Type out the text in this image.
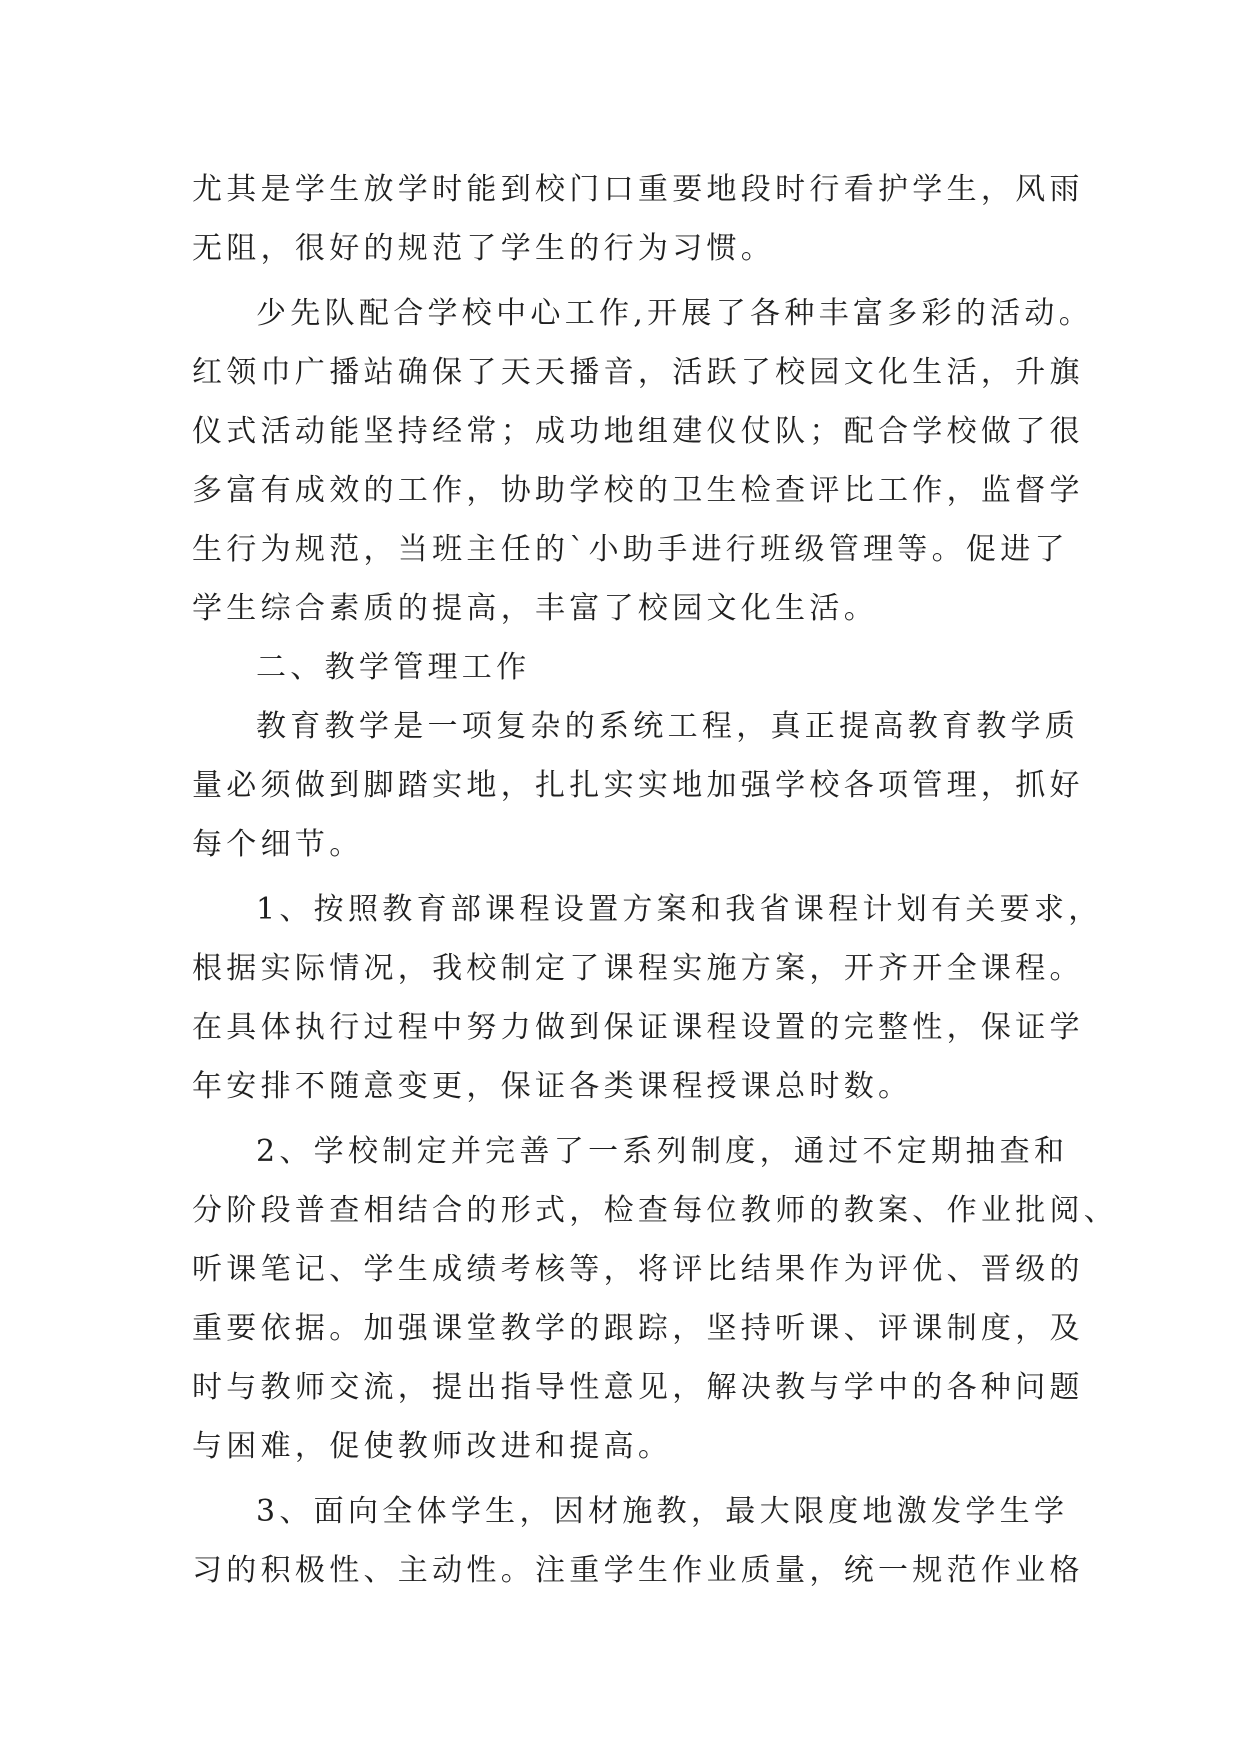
尤其是学生放学时能到校门口重要地段时行看护学生，风雨
无阻，很好的规范了学生的行为习惯。
少先队配合学校中心工作,开展了各种丰富多彩的活动。
红领巾广播站确保了天天播音，活跃了校园文化生活，升旗
仪式活动能坚持经常；成功地组建仪仗队；配合学校做了很
多富有成效的工作，协助学校的卫生检查评比工作，监督学
生行为规范，当班主任的`小助手进行班级管理等。促进了
学生综合素质的提高，丰富了校园文化生活。
二、教学管理工作
教育教学是一项复杂的系统工程，真正提高教育教学质
量必须做到脚踏实地，扎扎实实地加强学校各项管理，抓好
每个细节。
1、按照教育部课程设置方案和我省课程计划有关要求，
根据实际情况，我校制定了课程实施方案，开齐开全课程。
在具体执行过程中努力做到保证课程设置的完整性，保证学
年安排不随意变更，保证各类课程授课总时数。
2、学校制定并完善了一系列制度，通过不定期抽查和
分阶段普查相结合的形式，检查每位教师的教案、作业批阅、
听课笔记、学生成绩考核等，将评比结果作为评优、晋级的
重要依据。加强课堂教学的跟踪，坚持听课、评课制度，及
时与教师交流，提出指导性意见，解决教与学中的各种问题
与困难，促使教师改进和提高。
3、面向全体学生，因材施教，最大限度地激发学生学
习的积极性、主动性。注重学生作业质量，统一规范作业格
